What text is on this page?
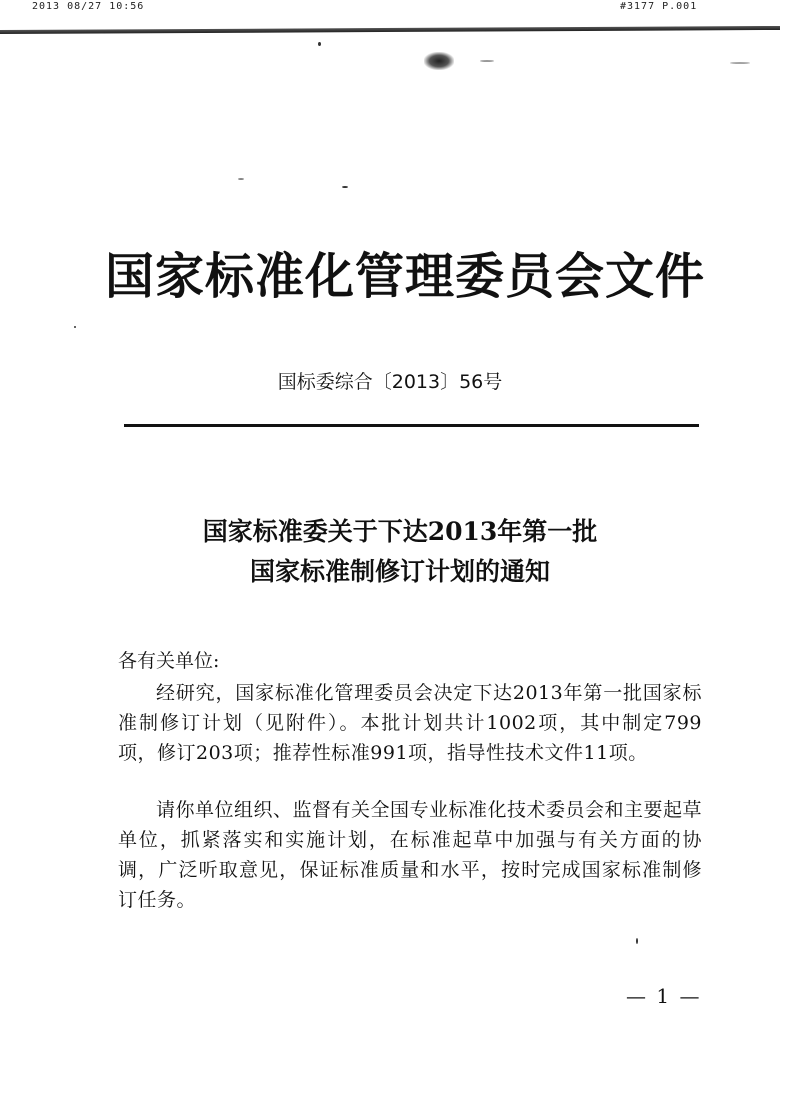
2013 08/27 10:56	#3177 P.001
国家标准化管理委员会文件
国标委综合〔2013〕56号
国家标准委关于下达2013年第一批
国家标准制修订计划的通知
各有关单位:

经研究，国家标准化管理委员会决定下达2013年第一批国家标准制修订计划（见附件）。本批计划共计1002项，其中制定799项，修订203项；推荐性标准991项，指导性技术文件11项。

请你单位组织、监督有关全国专业标准化技术委员会和主要起草单位，抓紧落实和实施计划，在标准起草中加强与有关方面的协调，广泛听取意见，保证标准质量和水平，按时完成国家标准制修订任务。

— 1 —
